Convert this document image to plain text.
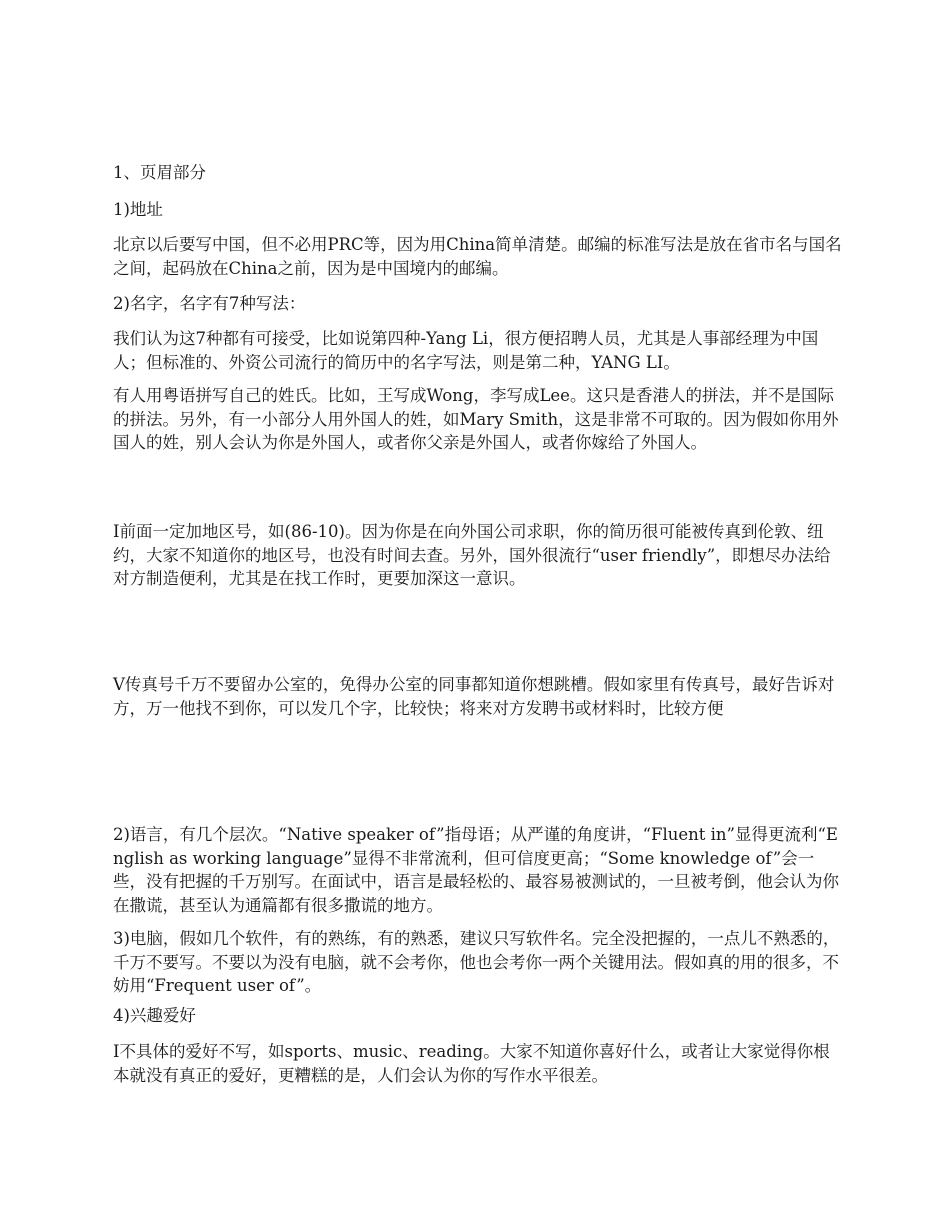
1、页眉部分

1)地址

北京以后要写中国，但不必用PRC等，因为用China简单清楚。邮编的标准写法是放在省市名与国名之间，起码放在China之前，因为是中国境内的邮编。

2)名字，名字有7种写法：

我们认为这7种都有可接受，比如说第四种-Yang Li，很方便招聘人员，尤其是人事部经理为中国人；但标准的、外资公司流行的简历中的名字写法，则是第二种，YANG LI。

有人用粤语拼写自己的姓氏。比如，王写成Wong，李写成Lee。这只是香港人的拼法，并不是国际的拼法。另外，有一小部分人用外国人的姓，如Mary Smith，这是非常不可取的。因为假如你用外国人的姓，别人会认为你是外国人，或者你父亲是外国人，或者你嫁给了外国人。

I前面一定加地区号，如(86-10)。因为你是在向外国公司求职，你的简历很可能被传真到伦敦、纽约，大家不知道你的地区号，也没有时间去查。另外，国外很流行“user friendly”，即想尽办法给对方制造便利，尤其是在找工作时，更要加深这一意识。

V传真号千万不要留办公室的，免得办公室的同事都知道你想跳槽。假如家里有传真号，最好告诉对方，万一他找不到你，可以发几个字，比较快；将来对方发聘书或材料时，比较方便

2)语言，有几个层次。“Native speaker of”指母语；从严谨的角度讲，“Fluent in”显得更流利“English as working language”显得不非常流利，但可信度更高；“Some knowledge of”会一些，没有把握的千万别写。在面试中，语言是最轻松的、最容易被测试的，一旦被考倒，他会认为你在撒谎，甚至认为通篇都有很多撒谎的地方。

3)电脑，假如几个软件，有的熟练，有的熟悉，建议只写软件名。完全没把握的，一点儿不熟悉的，千万不要写。不要以为没有电脑，就不会考你，他也会考你一两个关键用法。假如真的用的很多，不妨用“Frequent user of”。

4)兴趣爱好

I不具体的爱好不写，如sports、music、reading。大家不知道你喜好什么，或者让大家觉得你根本就没有真正的爱好，更糟糕的是，人们会认为你的写作水平很差。
